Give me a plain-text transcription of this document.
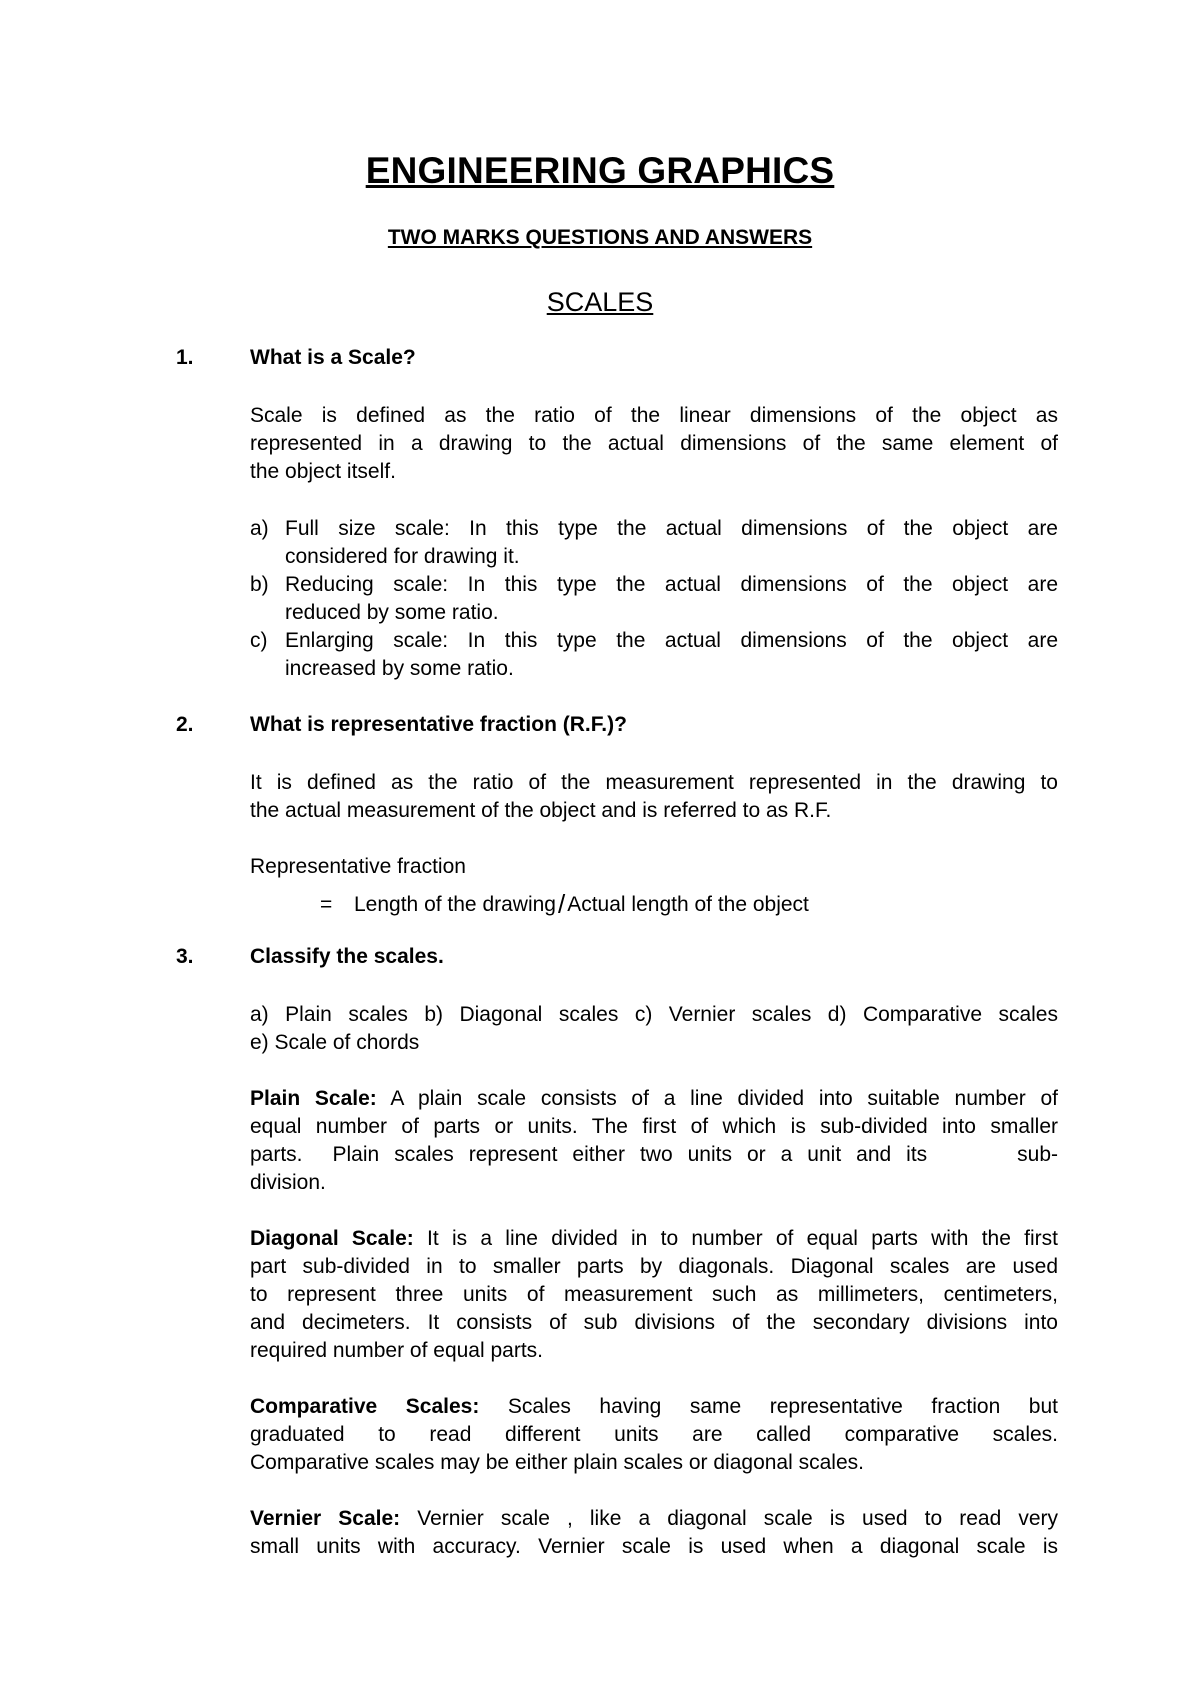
ENGINEERING GRAPHICS
TWO MARKS QUESTIONS AND ANSWERS
SCALES
1.	What is a Scale?
Scale is defined as the ratio of the linear dimensions of the object as
represented in a drawing to the actual dimensions of the same element of
the object itself.
a) Full size scale: In this type the actual dimensions of the object are
considered for drawing it.
b) Reducing scale: In this type the actual dimensions of the object are
reduced by some ratio.
c) Enlarging scale: In this type the actual dimensions of the object are
increased by some ratio.
2.	What is representative fraction (R.F.)?
It is defined as the ratio of the measurement represented in the drawing to
the actual measurement of the object and is referred to as R.F.
Representative fraction
= Length of the drawing/Actual length of the object
3.	Classify the scales.
a) Plain scales b) Diagonal scales c) Vernier scales d) Comparative scales
e) Scale of chords
Plain Scale: A plain scale consists of a line divided into suitable number of
equal number of parts or units. The first of which is sub-divided into smaller
parts.  Plain scales represent either two units or a unit and its      sub-
division.
Diagonal Scale: It is a line divided in to number of equal parts with the first
part sub-divided in to smaller parts by diagonals. Diagonal scales are used
to represent three units of measurement such as millimeters, centimeters,
and decimeters. It consists of sub divisions of the secondary divisions into
required number of equal parts.
Comparative Scales: Scales having same representative fraction but
graduated to read different units are called comparative scales.
Comparative scales may be either plain scales or diagonal scales.
Vernier Scale: Vernier scale , like a diagonal scale is used to read very
small units with accuracy. Vernier scale is used when a diagonal scale is
